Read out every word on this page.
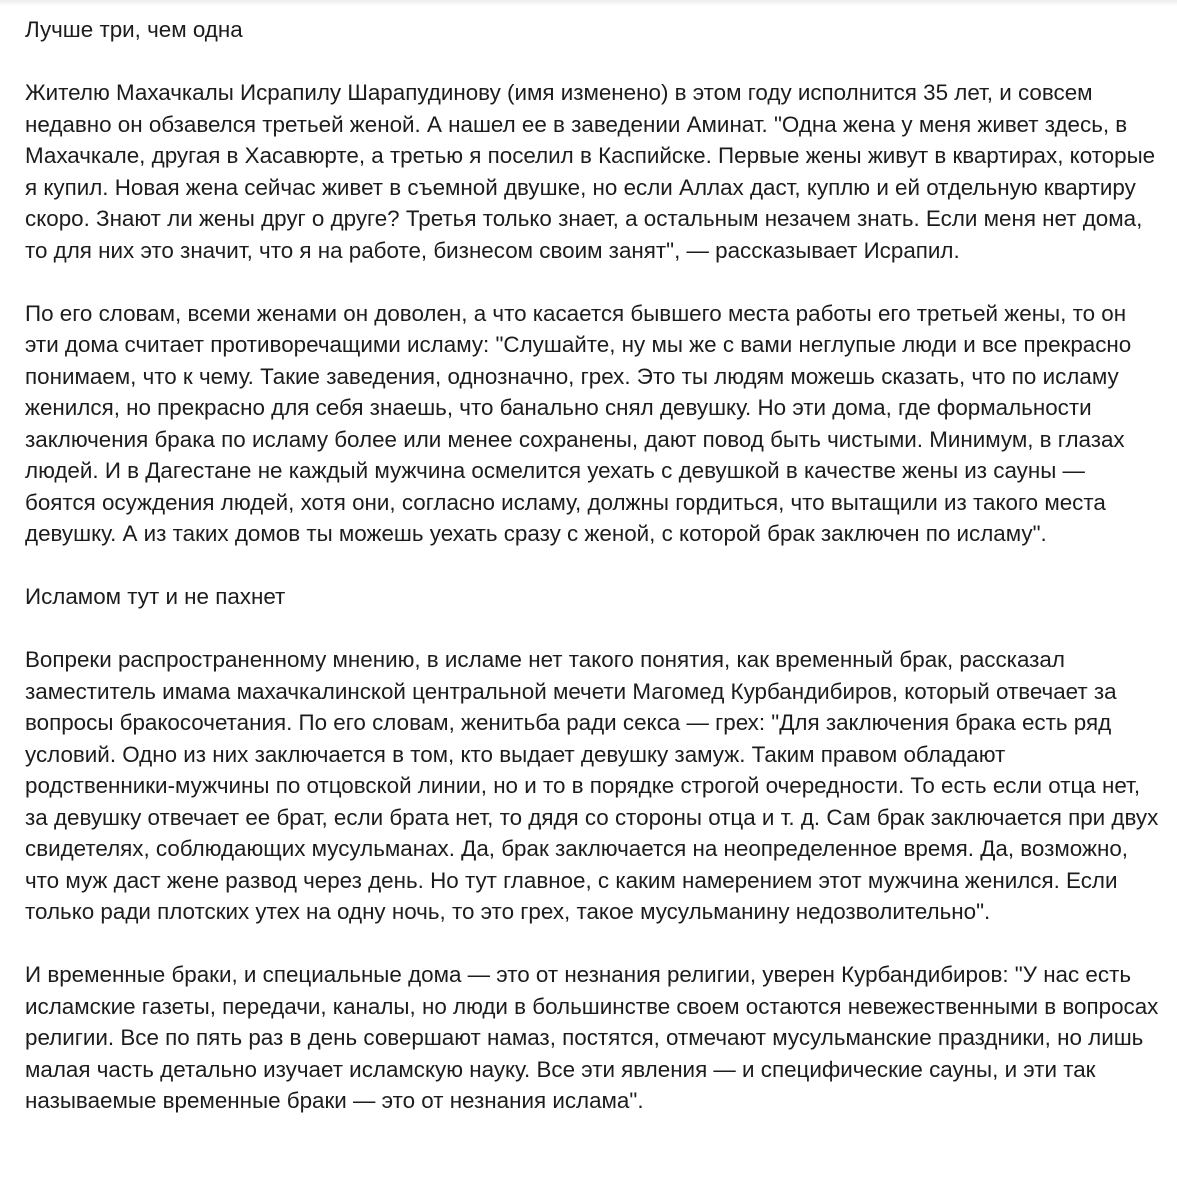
Лучше три, чем одна

Жителю Махачкалы Исрапилу Шарапудинову (имя изменено) в этом году исполнится 35 лет, и совсем недавно он обзавелся третьей женой. А нашел ее в заведении Аминат. "Одна жена у меня живет здесь, в Махачкале, другая в Хасавюрте, а третью я поселил в Каспийске. Первые жены живут в квартирах, которые я купил. Новая жена сейчас живет в съемной двушке, но если Аллах даст, куплю и ей отдельную квартиру скоро. Знают ли жены друг о друге? Третья только знает, а остальным незачем знать. Если меня нет дома, то для них это значит, что я на работе, бизнесом своим занят", — рассказывает Исрапил.

По его словам, всеми женами он доволен, а что касается бывшего места работы его третьей жены, то он эти дома считает противоречащими исламу: "Слушайте, ну мы же с вами неглупые люди и все прекрасно понимаем, что к чему. Такие заведения, однозначно, грех. Это ты людям можешь сказать, что по исламу женился, но прекрасно для себя знаешь, что банально снял девушку. Но эти дома, где формальности заключения брака по исламу более или менее сохранены, дают повод быть чистыми. Минимум, в глазах людей. И в Дагестане не каждый мужчина осмелится уехать с девушкой в качестве жены из сауны — боятся осуждения людей, хотя они, согласно исламу, должны гордиться, что вытащили из такого места девушку. А из таких домов ты можешь уехать сразу с женой, с которой брак заключен по исламу".

Исламом тут и не пахнет

Вопреки распространенному мнению, в исламе нет такого понятия, как временный брак, рассказал заместитель имама махачкалинской центральной мечети Магомед Курбандибиров, который отвечает за вопросы бракосочетания. По его словам, женитьба ради секса — грех: "Для заключения брака есть ряд условий. Одно из них заключается в том, кто выдает девушку замуж. Таким правом обладают родственники-мужчины по отцовской линии, но и то в порядке строгой очередности. То есть если отца нет, за девушку отвечает ее брат, если брата нет, то дядя со стороны отца и т. д. Сам брак заключается при двух свидетелях, соблюдающих мусульманах. Да, брак заключается на неопределенное время. Да, возможно, что муж даст жене развод через день. Но тут главное, с каким намерением этот мужчина женился. Если только ради плотских утех на одну ночь, то это грех, такое мусульманину недозволительно".

И временные браки, и специальные дома — это от незнания религии, уверен Курбандибиров: "У нас есть исламские газеты, передачи, каналы, но люди в большинстве своем остаются невежественными в вопросах религии. Все по пять раз в день совершают намаз, постятся, отмечают мусульманские праздники, но лишь малая часть детально изучает исламскую науку. Все эти явления — и специфические сауны, и эти так называемые временные браки — это от незнания ислама".
